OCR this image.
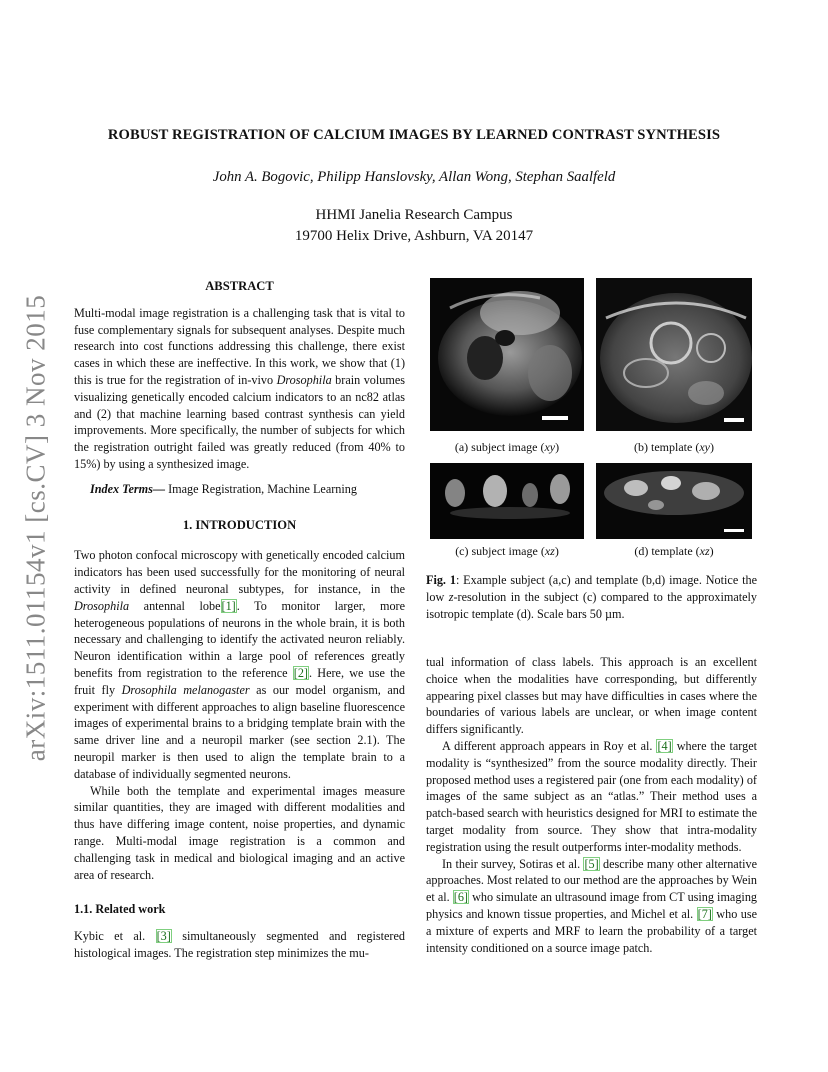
arXiv:1511.01154v1 [cs.CV] 3 Nov 2015
ROBUST REGISTRATION OF CALCIUM IMAGES BY LEARNED CONTRAST SYNTHESIS
John A. Bogovic, Philipp Hanslovsky, Allan Wong, Stephan Saalfeld
HHMI Janelia Research Campus
19700 Helix Drive, Ashburn, VA 20147
ABSTRACT

Multi-modal image registration is a challenging task that is vital to fuse complementary signals for subsequent analyses. Despite much research into cost functions addressing this challenge, there exist cases in which these are ineffective. In this work, we show that (1) this is true for the registration of in-vivo Drosophila brain volumes visualizing genetically encoded calcium indicators to an nc82 atlas and (2) that machine learning based contrast synthesis can yield improvements. More specifically, the number of subjects for which the registration outright failed was greatly reduced (from 40% to 15%) by using a synthesized image.

Index Terms— Image Registration, Machine Learning

1. INTRODUCTION

Two photon confocal microscopy with genetically encoded calcium indicators has been used successfully for the monitoring of neural activity in defined neuronal subtypes, for instance, in the Drosophila antennal lobe[1]. To monitor larger, more heterogeneous populations of neurons in the whole brain, it is both necessary and challenging to identify the activated neuron reliably. Neuron identification within a large pool of references greatly benefits from registration to the reference [2]. Here, we use the fruit fly Drosophila melanogaster as our model organism, and experiment with different approaches to align baseline fluorescence images of experimental brains to a bridging template brain with the same driver line and a neuropil marker (see section 2.1). The neuropil marker is then used to align the template brain to a database of individually segmented neurons.

While both the template and experimental images measure similar quantities, they are imaged with different modalities and thus have differing image content, noise properties, and dynamic range. Multi-modal image registration is a common and challenging task in medical and biological imaging and an active area of research.

1.1. Related work

Kybic et al. [3] simultaneously segmented and registered histological images. The registration step minimizes the mu-

(a) subject image (xy)	(b) template (xy)
(c) subject image (xz)	(d) template (xz)
Fig. 1: Example subject (a,c) and template (b,d) image. Notice the low z-resolution in the subject (c) compared to the approximately isotropic template (d). Scale bars 50 µm.

tual information of class labels. This approach is an excellent choice when the modalities have corresponding, but differently appearing pixel classes but may have difficulties in cases where the boundaries of various labels are unclear, or when image content differs significantly.

A different approach appears in Roy et al. [4] where the target modality is “synthesized” from the source modality directly. Their proposed method uses a registered pair (one from each modality) of images of the same subject as an “atlas.” Their method uses a patch-based search with heuristics designed for MRI to estimate the target modality from source. They show that intra-modality registration using the result outperforms inter-modality methods.

In their survey, Sotiras et al. [5] describe many other alternative approaches. Most related to our method are the approaches by Wein et al. [6] who simulate an ultrasound image from CT using imaging physics and known tissue properties, and Michel et al. [7] who use a mixture of experts and MRF to learn the probability of a target intensity conditioned on a source image patch.
